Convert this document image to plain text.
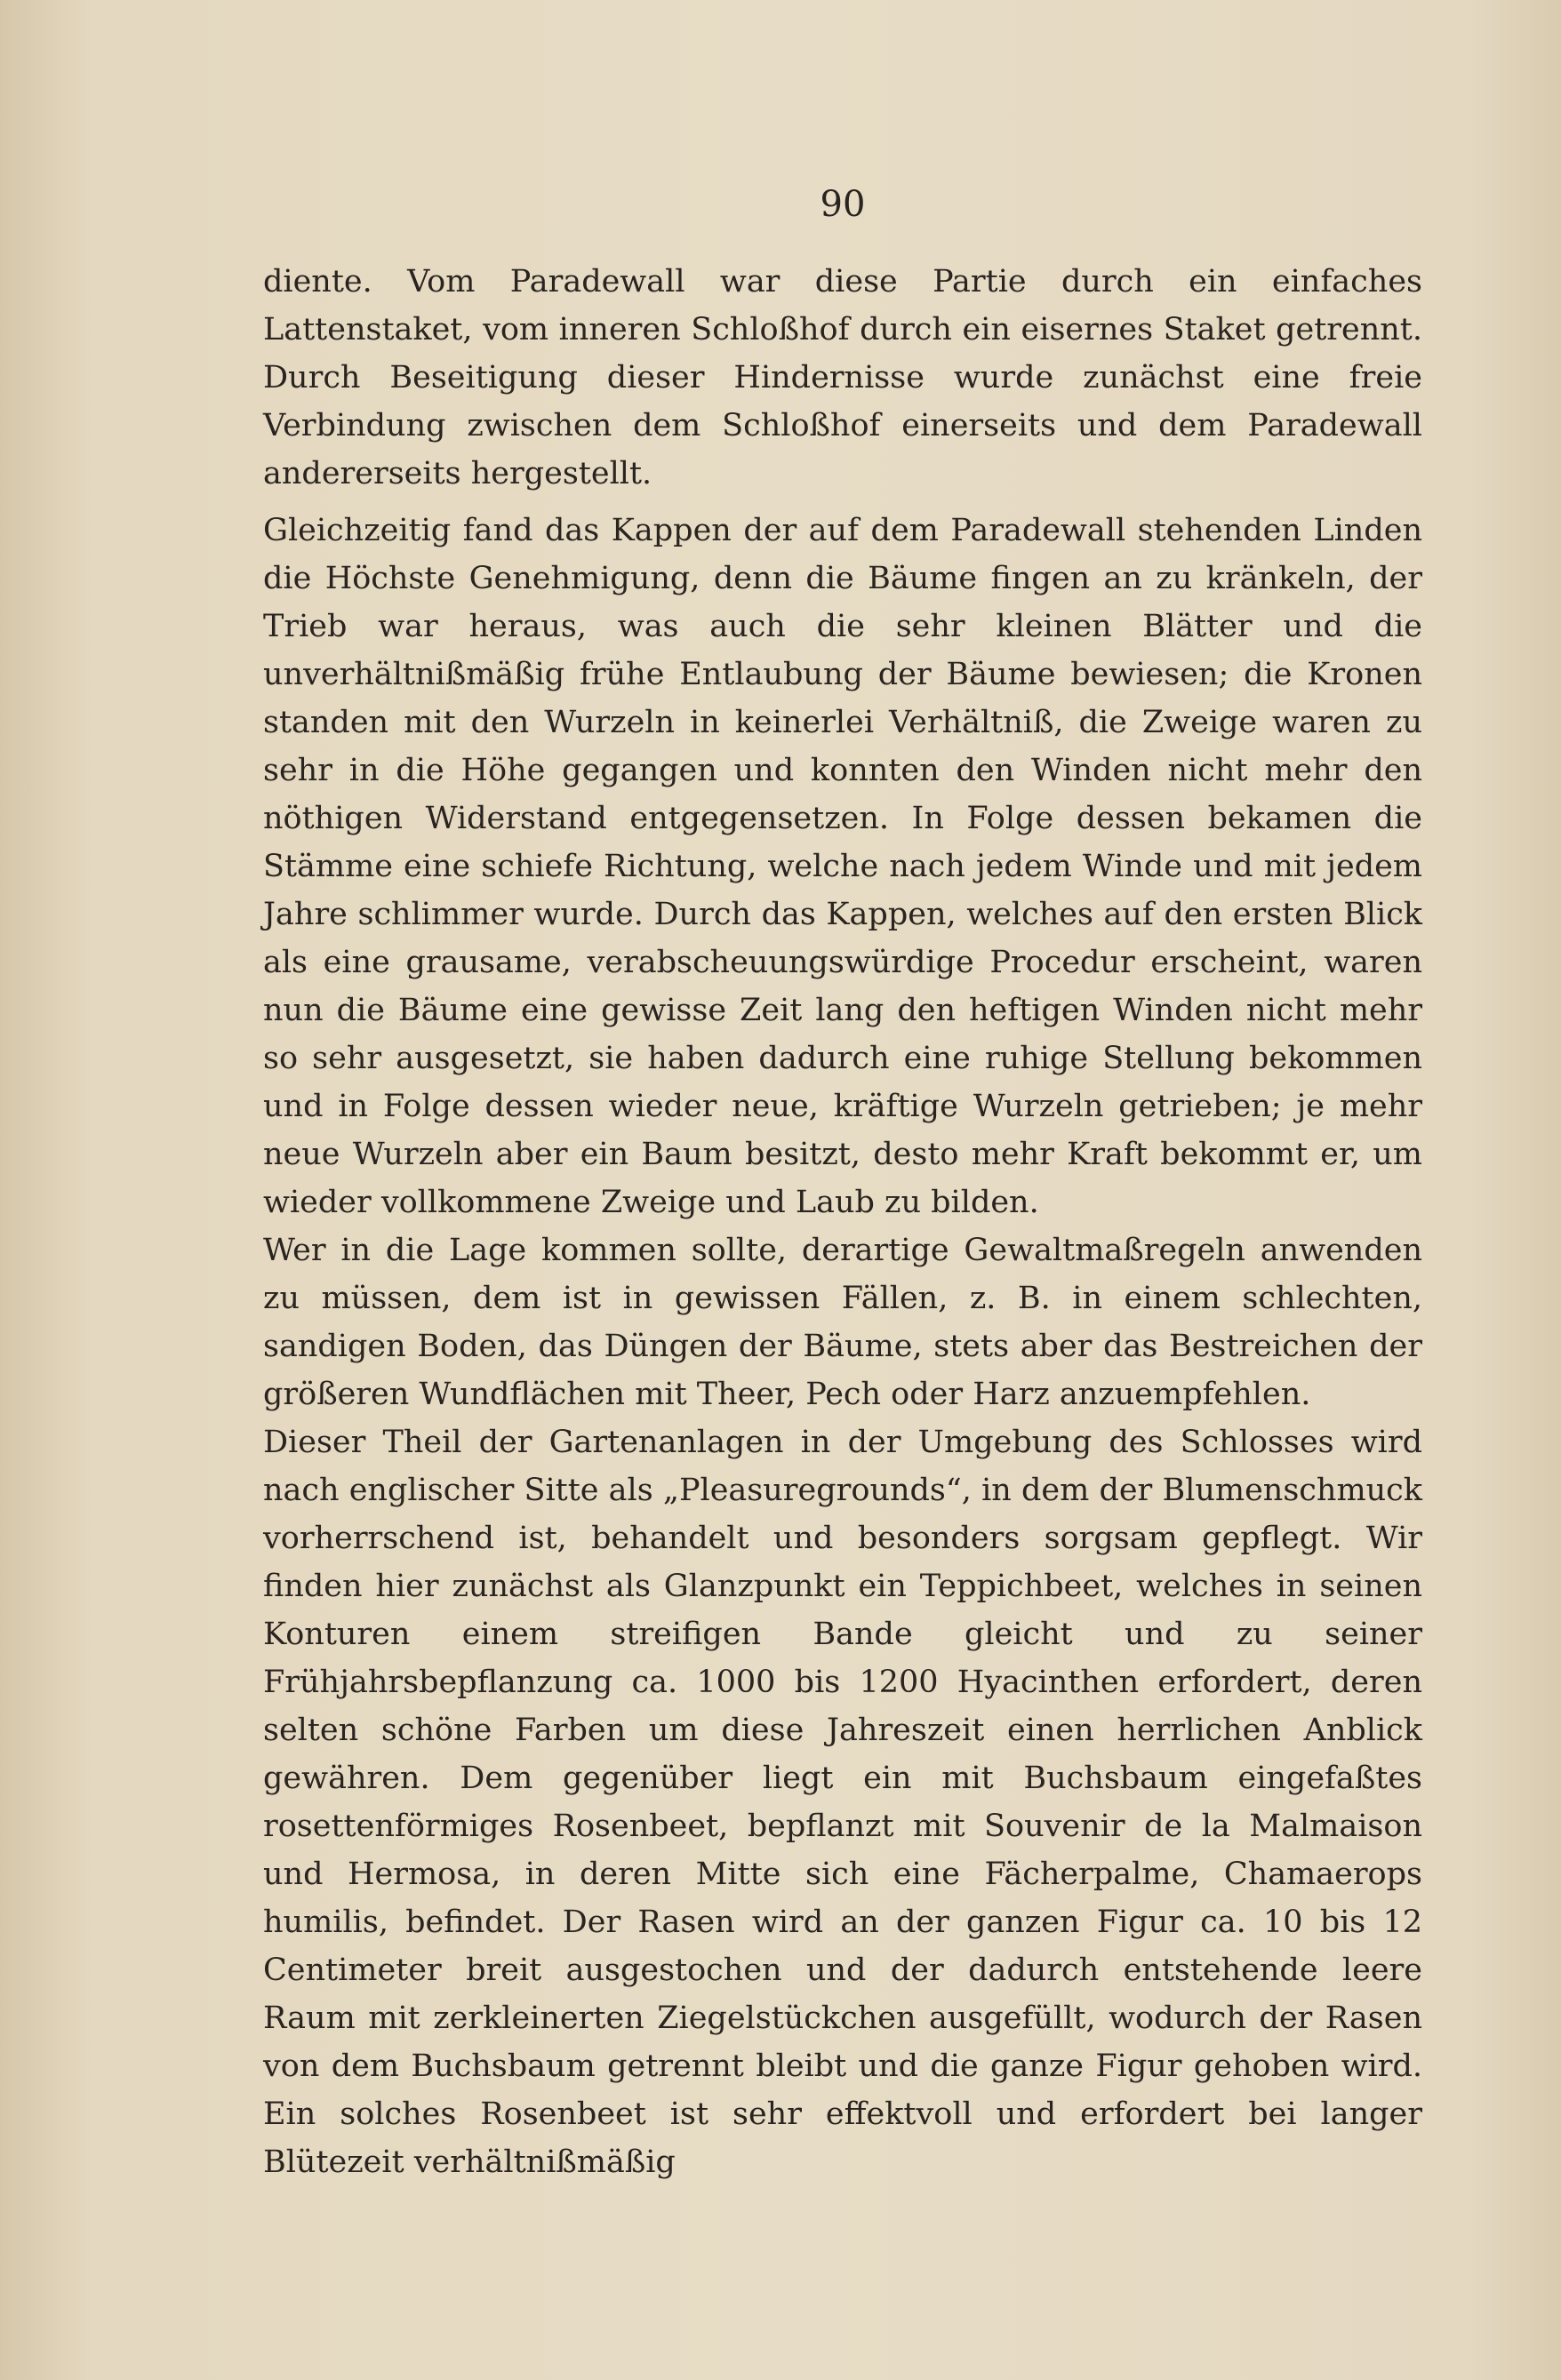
90

diente. Vom Paradewall war diese Partie durch ein einfaches Lattenstaket, vom inneren Schloßhof durch ein eisernes Staket getrennt. Durch Beseitigung dieser Hindernisse wurde zunächst eine freie Verbindung zwischen dem Schloßhof einerseits und dem Paradewall andererseits hergestellt.

Gleichzeitig fand das Kappen der auf dem Paradewall stehenden Linden die Höchste Genehmigung, denn die Bäume fingen an zu kränkeln, der Trieb war heraus, was auch die sehr kleinen Blätter und die unverhältnißmäßig frühe Entlaubung der Bäume bewiesen; die Kronen standen mit den Wurzeln in keinerlei Verhältniß, die Zweige waren zu sehr in die Höhe gegangen und konnten den Winden nicht mehr den nöthigen Widerstand entgegensetzen. In Folge dessen bekamen die Stämme eine schiefe Richtung, welche nach jedem Winde und mit jedem Jahre schlimmer wurde. Durch das Kappen, welches auf den ersten Blick als eine grausame, verabscheuungswürdige Procedur erscheint, waren nun die Bäume eine gewisse Zeit lang den heftigen Winden nicht mehr so sehr ausgesetzt, sie haben dadurch eine ruhige Stellung bekommen und in Folge dessen wieder neue, kräftige Wurzeln getrieben; je mehr neue Wurzeln aber ein Baum besitzt, desto mehr Kraft bekommt er, um wieder vollkommene Zweige und Laub zu bilden.

Wer in die Lage kommen sollte, derartige Gewaltmaßregeln anwenden zu müssen, dem ist in gewissen Fällen, z. B. in einem schlechten, sandigen Boden, das Düngen der Bäume, stets aber das Bestreichen der größeren Wundflächen mit Theer, Pech oder Harz anzuempfehlen.

Dieser Theil der Gartenanlagen in der Umgebung des Schlosses wird nach englischer Sitte als „Pleasuregrounds“, in dem der Blumenschmuck vorherrschend ist, behandelt und besonders sorgsam gepflegt. Wir finden hier zunächst als Glanzpunkt ein Teppichbeet, welches in seinen Konturen einem streifigen Bande gleicht und zu seiner Frühjahrsbepflanzung ca. 1000 bis 1200 Hyacinthen erfordert, deren selten schöne Farben um diese Jahreszeit einen herrlichen Anblick gewähren. Dem gegenüber liegt ein mit Buchsbaum eingefaßtes rosettenförmiges Rosenbeet, bepflanzt mit Souvenir de la Malmaison und Hermosa, in deren Mitte sich eine Fächerpalme, Chamaerops humilis, befindet. Der Rasen wird an der ganzen Figur ca. 10 bis 12 Centimeter breit ausgestochen und der dadurch entstehende leere Raum mit zerkleinerten Ziegelstückchen ausgefüllt, wodurch der Rasen von dem Buchsbaum getrennt bleibt und die ganze Figur gehoben wird. Ein solches Rosenbeet ist sehr effektvoll und erfordert bei langer Blütezeit verhältnißmäßig
